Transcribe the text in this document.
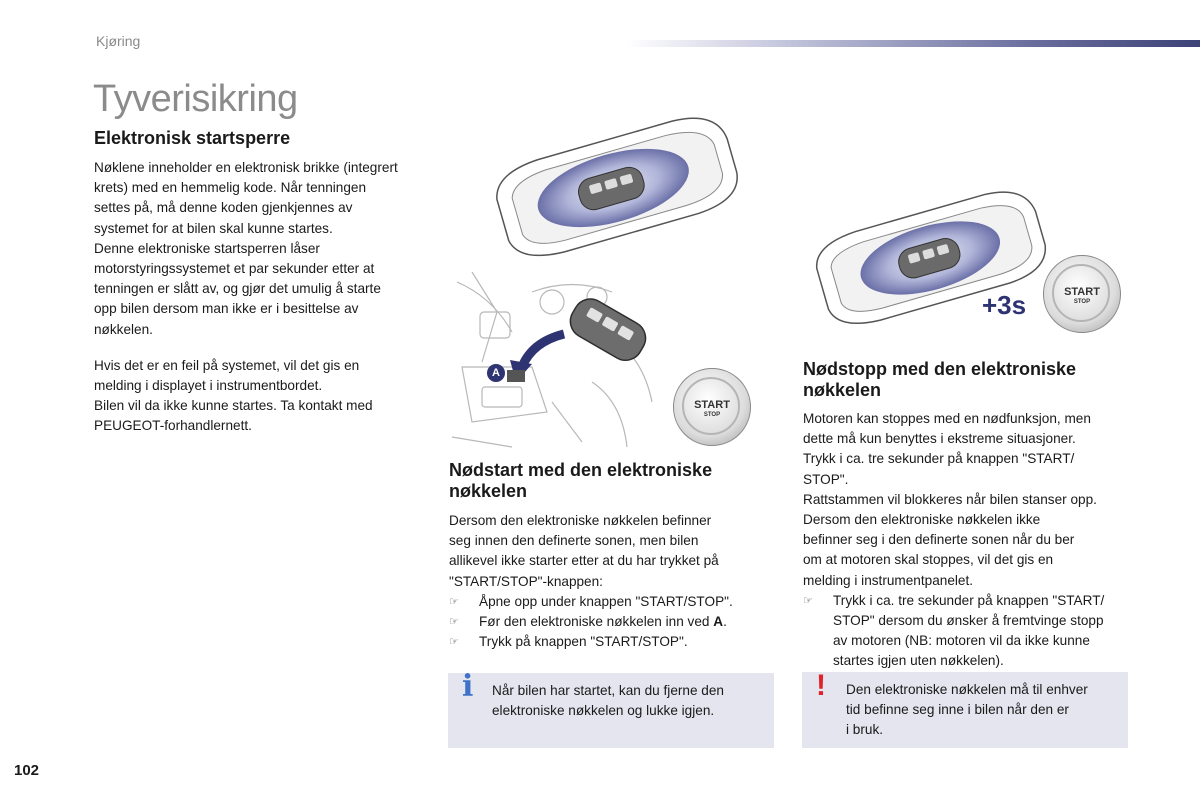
Kjøring
Tyverisikring
Elektronisk startsperre

Nøklene inneholder en elektronisk brikke (integrert
krets) med en hemmelig kode. Når tenningen
settes på, må denne koden gjenkjennes av
systemet for at bilen skal kunne startes.
Denne elektroniske startsperren låser
motorstyringssystemet et par sekunder etter at
tenningen er slått av, og gjør det umulig å starte
opp bilen dersom man ikke er i besittelse av
nøkkelen.

Hvis det er en feil på systemet, vil det gis en
melding i displayet i instrumentbordet.
Bilen vil da ikke kunne startes. Ta kontakt med
PEUGEOT-forhandlernett.

+3s	START
STOP
A
START
STOP
Nødstart med den elektroniske
nøkkelen
Dersom den elektroniske nøkkelen befinner
seg innen den definerte sonen, men bilen
allikevel ikke starter etter at du har trykket på
"START/STOP"-knappen:
☞ Åpne opp under knappen "START/STOP".
☞ Før den elektroniske nøkkelen inn ved A.
☞ Trykk på knappen "START/STOP".
i Når bilen har startet, kan du fjerne den
elektroniske nøkkelen og lukke igjen.
Nødstopp med den elektroniske
nøkkelen
Motoren kan stoppes med en nødfunksjon, men
dette må kun benyttes i ekstreme situasjoner.
Trykk i ca. tre sekunder på knappen "START/
STOP".
Rattstammen vil blokkeres når bilen stanser opp.
Dersom den elektroniske nøkkelen ikke
befinner seg i den definerte sonen når du ber
om at motoren skal stoppes, vil det gis en
melding i instrumentpanelet.
☞ Trykk i ca. tre sekunder på knappen "START/
STOP" dersom du ønsker å fremtvinge stopp
av motoren (NB: motoren vil da ikke kunne
startes igjen uten nøkkelen).
! Den elektroniske nøkkelen må til enhver
tid befinne seg inne i bilen når den er
i bruk.
102
